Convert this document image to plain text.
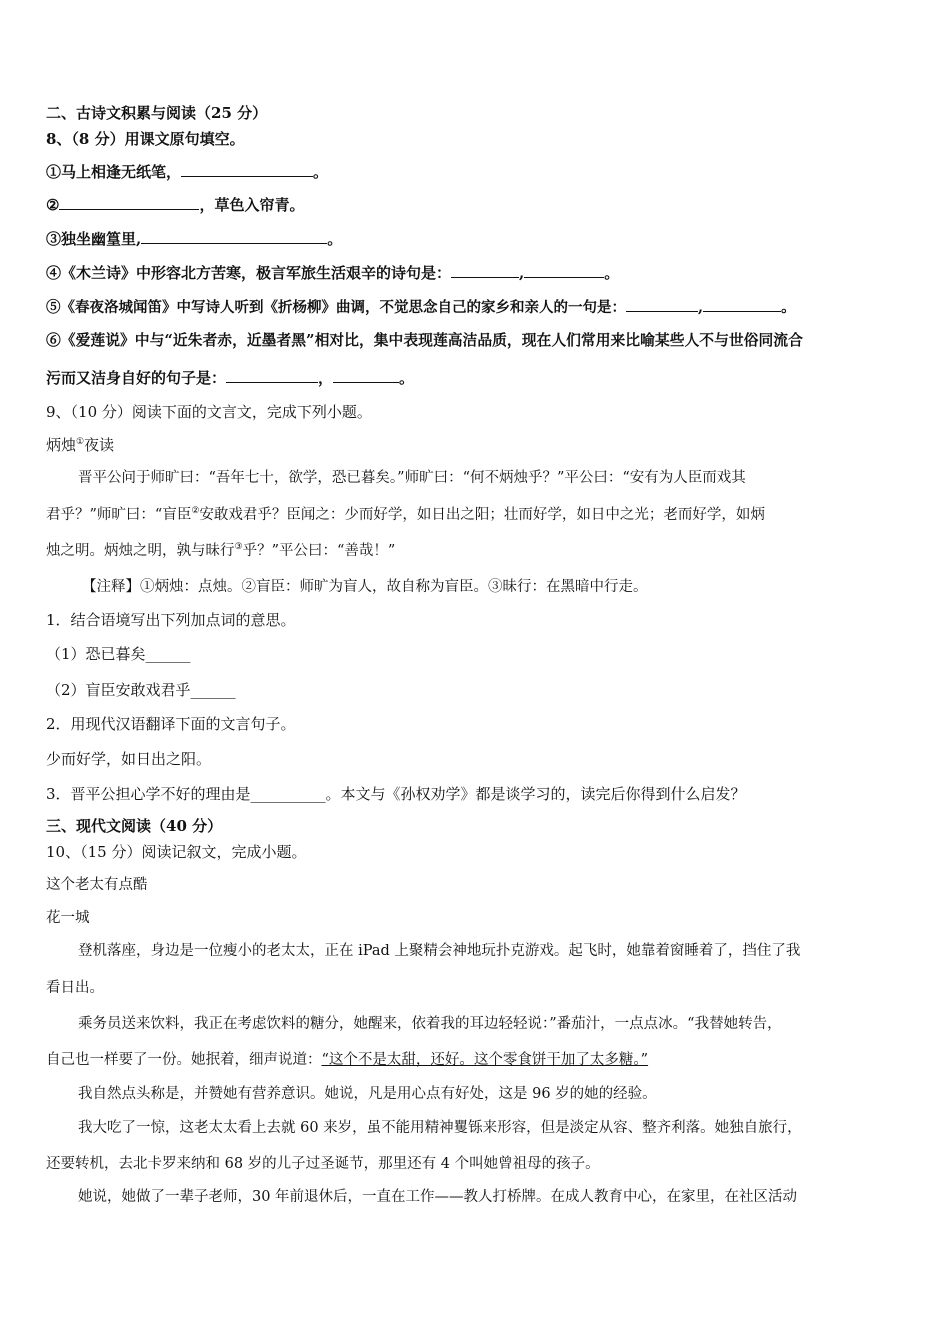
二、古诗文积累与阅读（25 分）
8、（8 分）用课文原句填空。
①马上相逢无纸笔，	。
②	，草色入帘青。
③独坐幽篁里,	。
④《木兰诗》中形容北方苦寒，极言军旅生活艰辛的诗句是：	,	。
⑤《春夜洛城闻笛》中写诗人听到《折杨柳》曲调，不觉思念自己的家乡和亲人的一句是：	,	。
⑥《爱莲说》中与“近朱者赤，近墨者黑”相对比，集中表现莲高洁品质，现在人们常用来比喻某些人不与世俗同流合
污而又洁身自好的句子是：	，	。
9、（10 分）阅读下面的文言文，完成下列小题。
炳烛①夜读
晋平公问于师旷曰：“吾年七十，欲学，恐已暮矣。”师旷曰：“何不炳烛乎？”平公曰：“安有为人臣而戏其
君乎？”师旷曰：“盲臣②安敢戏君乎？臣闻之：少而好学，如日出之阳；壮而好学，如日中之光；老而好学，如炳
烛之明。炳烛之明，孰与昧行③乎？”平公曰：“善哉！”
【注释】①炳烛：点烛。②盲臣：师旷为盲人，故自称为盲臣。③昧行：在黑暗中行走。
1．结合语境写出下列加点词的意思。
（1）恐已暮矣______
（2）盲臣安敢戏君乎______
2．用现代汉语翻译下面的文言句子。
少而好学，如日出之阳。
3．晋平公担心学不好的理由是__________。本文与《孙权劝学》都是谈学习的，读完后你得到什么启发？
三、现代文阅读（40 分）
10、（15 分）阅读记叙文，完成小题。
这个老太有点酷
花一城
登机落座，身边是一位瘦小的老太太，正在 iPad 上聚精会神地玩扑克游戏。起飞时，她靠着窗睡着了，挡住了我
看日出。
乘务员送来饮料，我正在考虑饮料的糖分，她醒来，依着我的耳边轻轻说：”番茄汁，一点点冰。“我替她转告，
自己也一样要了一份。她抿着，细声说道：“这个不是太甜，还好。这个零食饼干加了太多糖。”
我自然点头称是，并赞她有营养意识。她说，凡是用心点有好处，这是 96 岁的她的经验。
我大吃了一惊，这老太太看上去就 60 来岁，虽不能用精神矍铄来形容，但是淡定从容、整齐利落。她独自旅行，
还要转机，去北卡罗来纳和 68 岁的儿子过圣诞节，那里还有 4 个叫她曾祖母的孩子。
她说，她做了一辈子老师，30 年前退休后，一直在工作——教人打桥牌。在成人教育中心，在家里，在社区活动
